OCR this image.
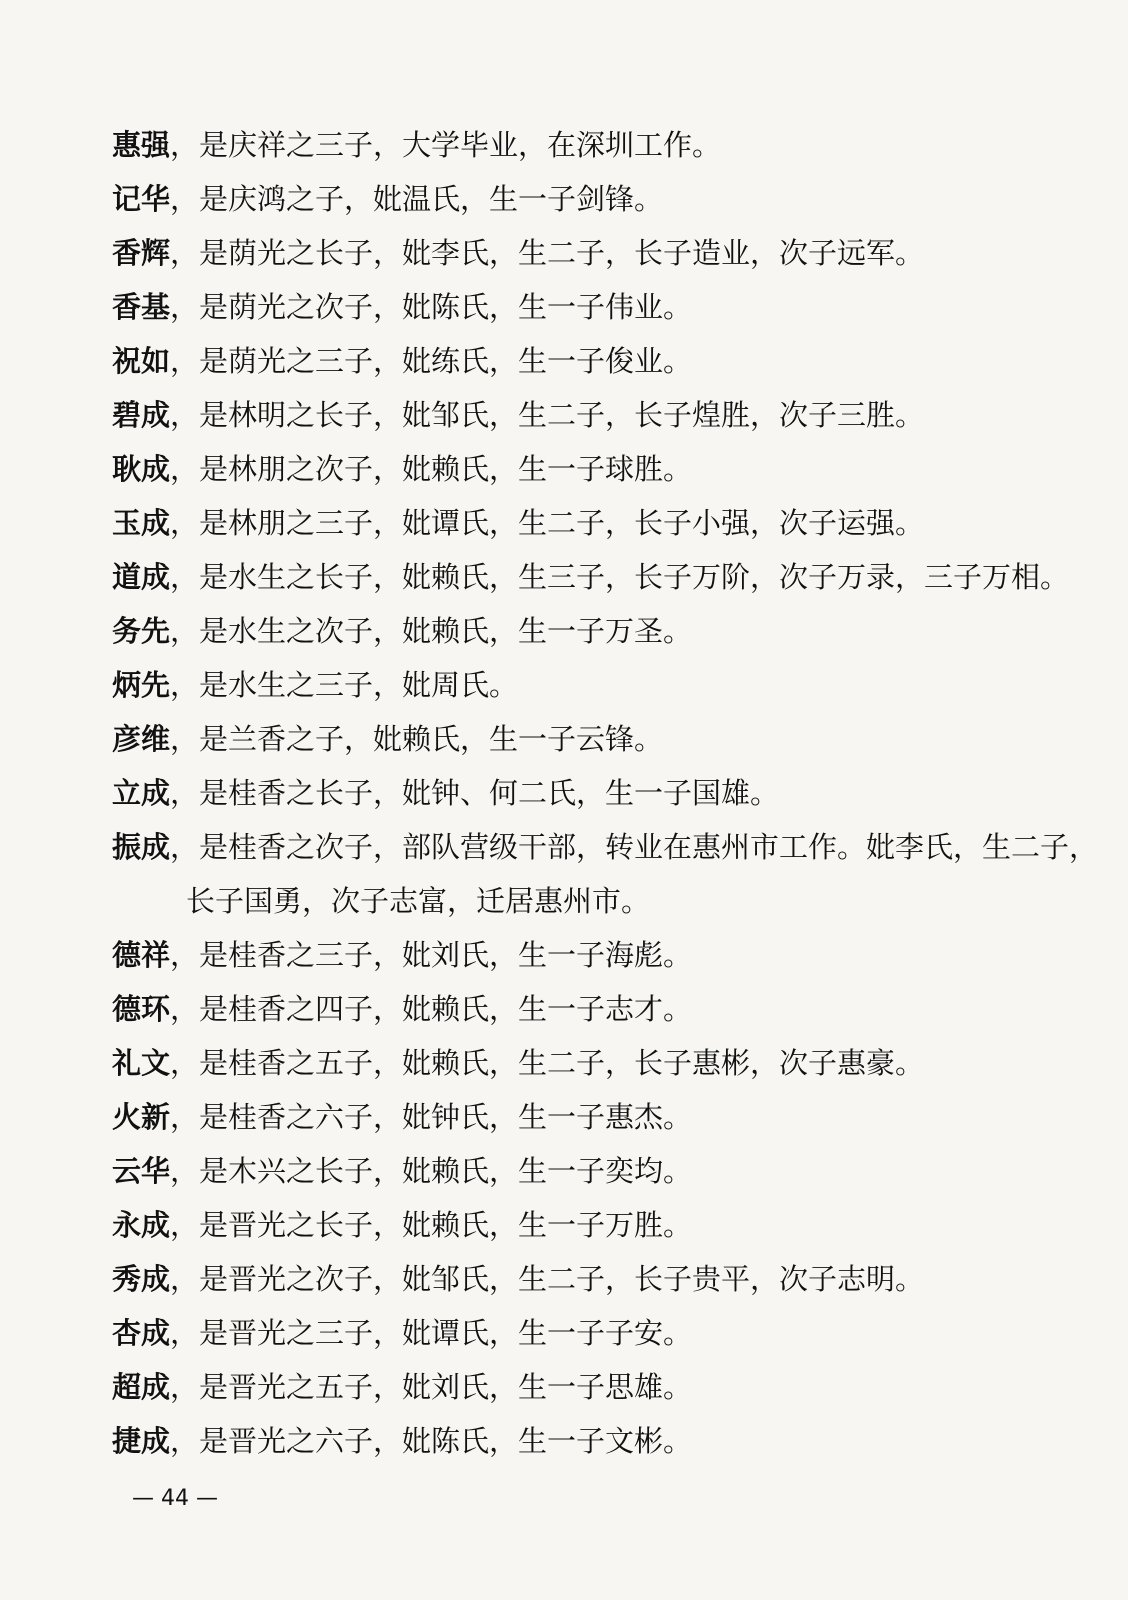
惠强，是庆祥之三子，大学毕业，在深圳工作。
记华，是庆鸿之子，妣温氏，生一子剑锋。
香辉，是荫光之长子，妣李氏，生二子，长子造业，次子远军。
香基，是荫光之次子，妣陈氏，生一子伟业。
祝如，是荫光之三子，妣练氏，生一子俊业。
碧成，是林明之长子，妣邹氏，生二子，长子煌胜，次子三胜。
耿成，是林朋之次子，妣赖氏，生一子球胜。
玉成，是林朋之三子，妣谭氏，生二子，长子小强，次子运强。
道成，是水生之长子，妣赖氏，生三子，长子万阶，次子万录，三子万相。
务先，是水生之次子，妣赖氏，生一子万圣。
炳先，是水生之三子，妣周氏。
彦维，是兰香之子，妣赖氏，生一子云锋。
立成，是桂香之长子，妣钟、何二氏，生一子国雄。
振成，是桂香之次子，部队营级干部，转业在惠州市工作。妣李氏，生二子，
长子国勇，次子志富，迁居惠州市。
德祥，是桂香之三子，妣刘氏，生一子海彪。
德环，是桂香之四子，妣赖氏，生一子志才。
礼文，是桂香之五子，妣赖氏，生二子，长子惠彬，次子惠豪。
火新，是桂香之六子，妣钟氏，生一子惠杰。
云华，是木兴之长子，妣赖氏，生一子奕均。
永成，是晋光之长子，妣赖氏，生一子万胜。
秀成，是晋光之次子，妣邹氏，生二子，长子贵平，次子志明。
杏成，是晋光之三子，妣谭氏，生一子子安。
超成，是晋光之五子，妣刘氏，生一子思雄。
捷成，是晋光之六子，妣陈氏，生一子文彬。
— 44 —
